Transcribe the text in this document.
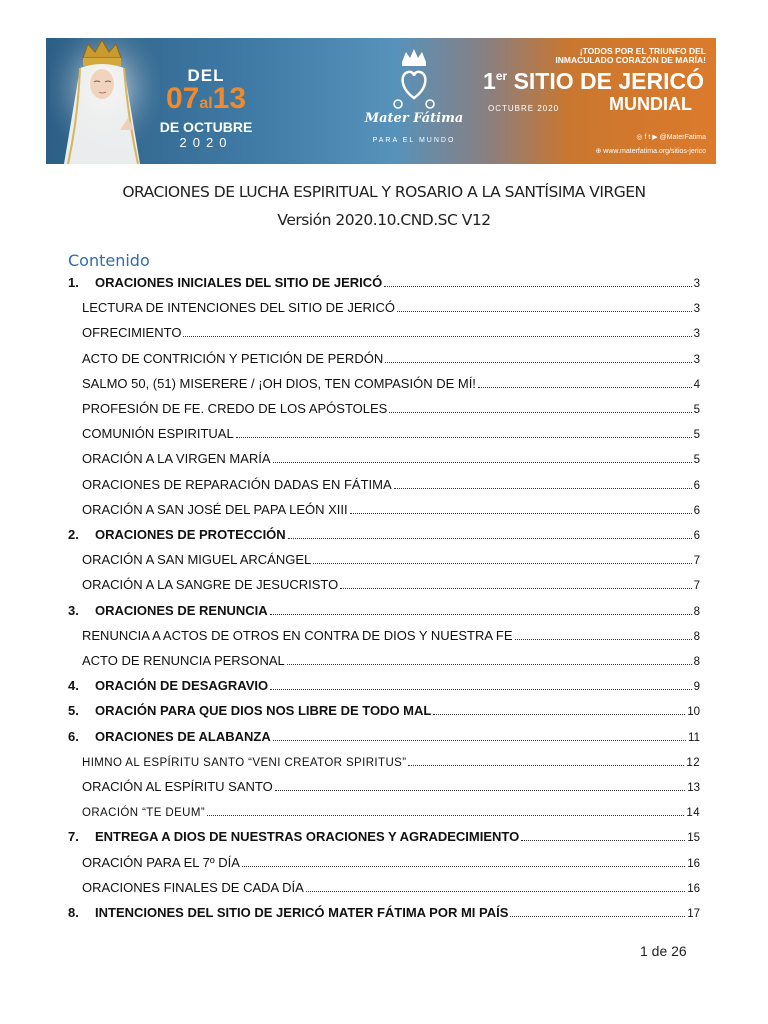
DEL
07al13
DE OCTUBRE
2020
Mater Fátima
PARA EL MUNDO
¡TODOS POR EL TRIUNFO DEL
INMACULADO CORAZÓN DE MARÍA!
1er SITIO DE JERICÓ
OCTUBRE 2020	MUNDIAL
◎ f t ▶ @MaterFatima
⊕ www.materfatima.org/sitios-jerico
ORACIONES DE LUCHA ESPIRITUAL Y ROSARIO A LA SANTÍSIMA VIRGEN
Versión 2020.10.CND.SC V12
Contenido
1.	ORACIONES INICIALES DEL SITIO DE JERICÓ	3
LECTURA DE INTENCIONES DEL SITIO DE JERICÓ	3
OFRECIMIENTO	3
ACTO DE CONTRICIÓN Y PETICIÓN DE PERDÓN	3
SALMO 50, (51) MISERERE / ¡OH DIOS, TEN COMPASIÓN DE MÍ!	4
PROFESIÓN DE FE. CREDO DE LOS APÓSTOLES	5
COMUNIÓN ESPIRITUAL	5
ORACIÓN A LA VIRGEN MARÍA	5
ORACIONES DE REPARACIÓN DADAS EN FÁTIMA	6
ORACIÓN A SAN JOSÉ DEL PAPA LEÓN XIII	6
2.	ORACIONES DE PROTECCIÓN	6
ORACIÓN A SAN MIGUEL ARCÁNGEL	7
ORACIÓN A LA SANGRE DE JESUCRISTO	7
3.	ORACIONES DE RENUNCIA	8
RENUNCIA A ACTOS DE OTROS EN CONTRA DE DIOS Y NUESTRA FE	8
ACTO DE RENUNCIA PERSONAL	8
4.	ORACIÓN DE DESAGRAVIO	9
5.	ORACIÓN PARA QUE DIOS NOS LIBRE DE TODO MAL	10
6.	ORACIONES DE ALABANZA	11
HIMNO AL ESPÍRITU SANTO “VENI CREATOR SPIRITUS”	12
ORACIÓN AL ESPÍRITU SANTO	13
ORACIÓN “TE DEUM”	14
7.	ENTREGA A DIOS DE NUESTRAS ORACIONES Y AGRADECIMIENTO	15
ORACIÓN PARA EL 7º DÍA	16
ORACIONES FINALES DE CADA DÍA	16
8.	INTENCIONES DEL SITIO DE JERICÓ MATER FÁTIMA POR MI PAÍS	17
1 de 26
